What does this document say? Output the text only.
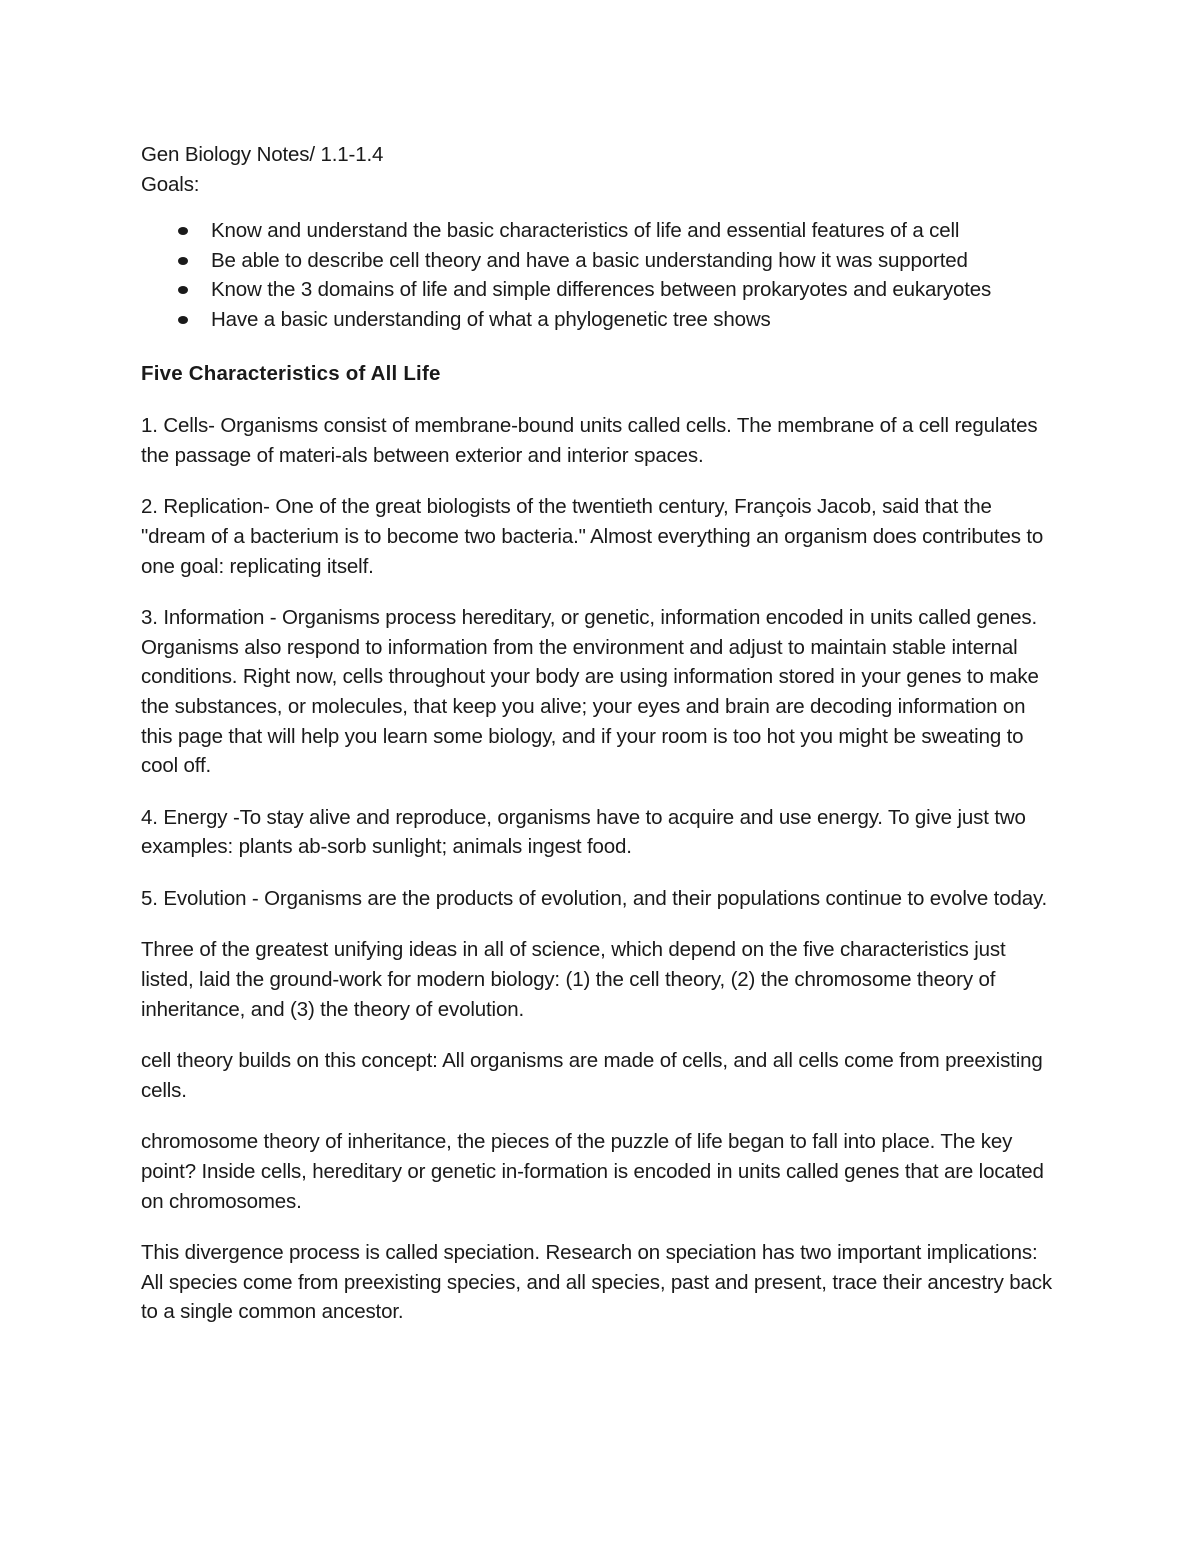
Gen Biology Notes/ 1.1-1.4

Goals:

Know and understand the basic characteristics of life and essential features of a cell
Be able to describe cell theory and have a basic understanding how it was supported
Know the 3 domains of life and simple differences between prokaryotes and eukaryotes
Have a basic understanding of what a phylogenetic tree shows

Five Characteristics of All Life

1. Cells- Organisms consist of membrane-bound units called cells. The membrane of a cell regulates the passage of materi-als between exterior and interior spaces.

2. Replication- One of the great biologists of the twentieth century, François Jacob, said that the "dream of a bacterium is to become two bacteria." Almost everything an organism does contributes to one goal: replicating itself.

3. Information - Organisms process hereditary, or genetic, information encoded in units called genes. Organisms also respond to information from the environment and adjust to maintain stable internal conditions. Right now, cells throughout your body are using information stored in your genes to make the substances, or molecules, that keep you alive; your eyes and brain are decoding information on this page that will help you learn some biology, and if your room is too hot you might be sweating to cool off.

4. Energy -To stay alive and reproduce, organisms have to acquire and use energy. To give just two examples: plants ab-sorb sunlight; animals ingest food.

5. Evolution - Organisms are the products of evolution, and their populations continue to evolve today.

Three of the greatest unifying ideas in all of science, which depend on the five characteristics just listed, laid the ground-work for modern biology: (1) the cell theory, (2) the chromosome theory of inheritance, and (3) the theory of evolution.

cell theory builds on this concept: All organisms are made of cells, and all cells come from preexisting cells.

chromosome theory of inheritance, the pieces of the puzzle of life began to fall into place. The key point? Inside cells, hereditary or genetic in-formation is encoded in units called genes that are located on chromosomes.

This divergence process is called speciation. Research on speciation has two important implications: All species come from preexisting species, and all species, past and present, trace their ancestry back to a single common ancestor.
